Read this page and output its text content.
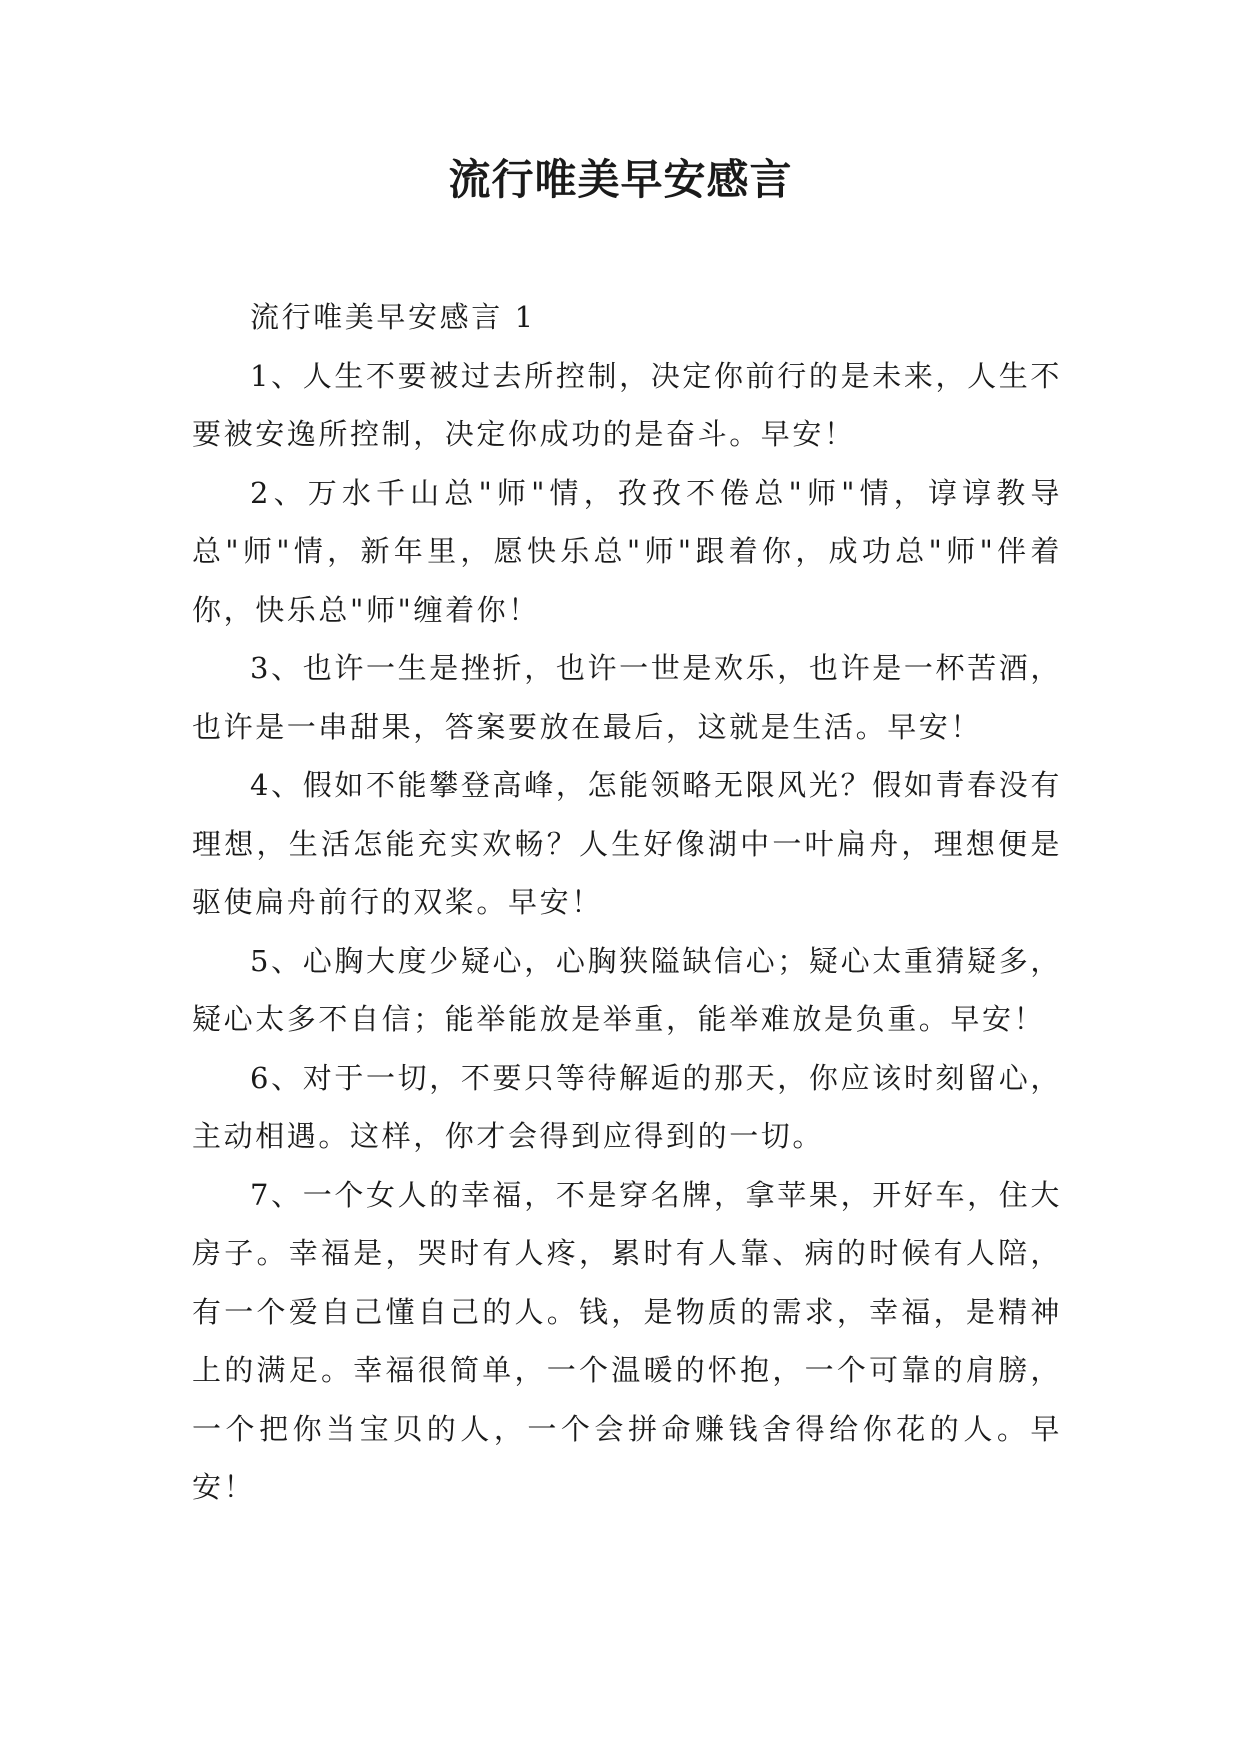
流行唯美早安感言

流行唯美早安感言 1

1、人生不要被过去所控制，决定你前行的是未来，人生不要被安逸所控制，决定你成功的是奋斗。早安！

2、万水千山总"师"情，孜孜不倦总"师"情，谆谆教导总"师"情，新年里，愿快乐总"师"跟着你，成功总"师"伴着你，快乐总"师"缠着你！

3、也许一生是挫折，也许一世是欢乐，也许是一杯苦酒，也许是一串甜果，答案要放在最后，这就是生活。早安！

4、假如不能攀登高峰，怎能领略无限风光？假如青春没有理想，生活怎能充实欢畅？人生好像湖中一叶扁舟，理想便是驱使扁舟前行的双桨。早安！

5、心胸大度少疑心，心胸狭隘缺信心；疑心太重猜疑多，疑心太多不自信；能举能放是举重，能举难放是负重。早安！

6、对于一切，不要只等待解逅的那天，你应该时刻留心，主动相遇。这样，你才会得到应得到的一切。

7、一个女人的幸福，不是穿名牌，拿苹果，开好车，住大房子。幸福是，哭时有人疼，累时有人靠、病的时候有人陪，有一个爱自己懂自己的人。钱，是物质的需求，幸福，是精神上的满足。幸福很简单，一个温暖的怀抱，一个可靠的肩膀，一个把你当宝贝的人，一个会拼命赚钱舍得给你花的人。早安！
